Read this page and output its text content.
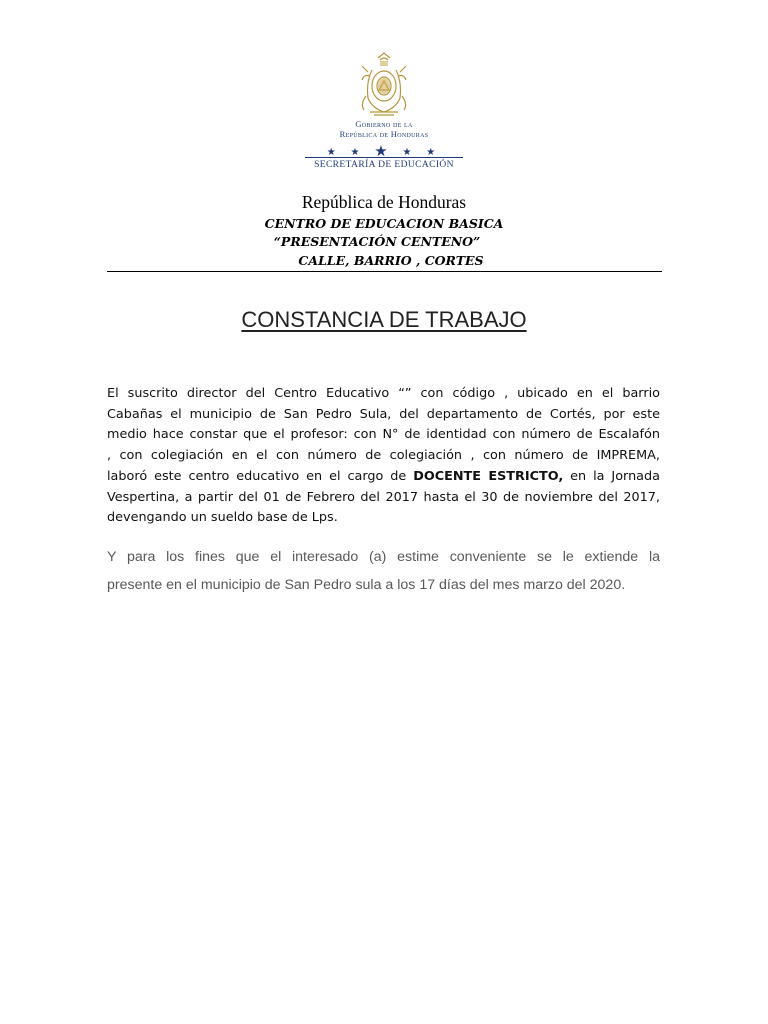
Gobierno de la
República de Honduras
★ ★ ★ ★ ★
SECRETARÍA DE EDUCACIÓN
República de Honduras
CENTRO DE EDUCACION BASICA
“PRESENTACIÓN CENTENO”
CALLE, BARRIO , CORTES
CONSTANCIA DE TRABAJO
El suscrito director del Centro Educativo “” con código , ubicado en el barrio
Cabañas el municipio de San Pedro Sula, del departamento de Cortés, por este
medio hace constar que el profesor: con N° de identidad con número de Escalafón
, con colegiación en el con número de colegiación , con número de IMPREMA,
laboró este centro educativo en el cargo de DOCENTE ESTRICTO, en la Jornada
Vespertina, a partir del 01 de Febrero del 2017 hasta el 30 de noviembre del 2017,
devengando un sueldo base de Lps.
Y para los fines que el interesado (a) estime conveniente se le extiende la
presente en el municipio de San Pedro sula a los 17 días del mes marzo del 2020.
